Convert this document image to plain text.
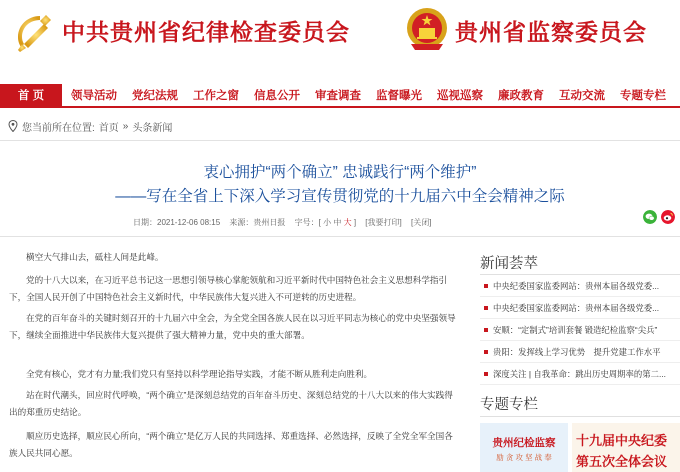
中共贵州省纪律检查委员会	贵州省监察委员会
首 页	领导活动 党纪法规 工作之窗 信息公开 审查调查 监督曝光 巡视巡察 廉政教育 互动交流 专题专栏
您当前所在位置: 首页 » 头条新闻
衷心拥护“两个确立” 忠诚践行“两个维护”
——写在全省上下深入学习宣传贯彻党的十九届六中全会精神之际
日期：2021-12-06 08:15 来源：贵州日报 字号：[ 小 中 大 ] [我要打印] [关闭]
横空大气排山去，砥柱人间是此峰。
党的十八大以来，在习近平总书记这一思想引领导核心掌舵领航和习近平新时代中国特色社会主义思想科学指引下，全国人民开创了中国特色社会主义新时代，中华民族伟大复兴进入不可逆转的历史进程。
在党的百年奋斗的关键时刻召开的十九届六中全会，为全党全国各族人民在以习近平同志为核心的党中央坚强领导下，继续全面推进中华民族伟大复兴提供了强大精神力量，党中央的重大部署。
全党有核心，党才有力量;我们党只有坚持以科学理论指导实践，才能不断从胜利走向胜利。
站在时代潮头，回应时代呼唤，“两个确立”是深刻总结党的百年奋斗历史、深刻总结党的十八大以来的伟大实践得出的郑重历史结论。
顺应历史选择，顺应民心所向，“两个确立”是亿万人民的共同选择、郑重选择、必然选择，反映了全党全军全国各族人民共同心愿。
新闻荟萃
中央纪委国家监委网站：贵州本届各级党委...
中央纪委国家监委网站：贵州本届各级党委...
安顺：“定制式”培训套餐 锻造纪检监察“尖兵”
贵阳：发挥线上学习优势　提升党建工作水平
深度关注 | 自我革命：跳出历史周期率的第二...
专题专栏
贵州纪检监察
励 贪 攻 坚 战 奉
十九届中央纪委
第五次全体会议
